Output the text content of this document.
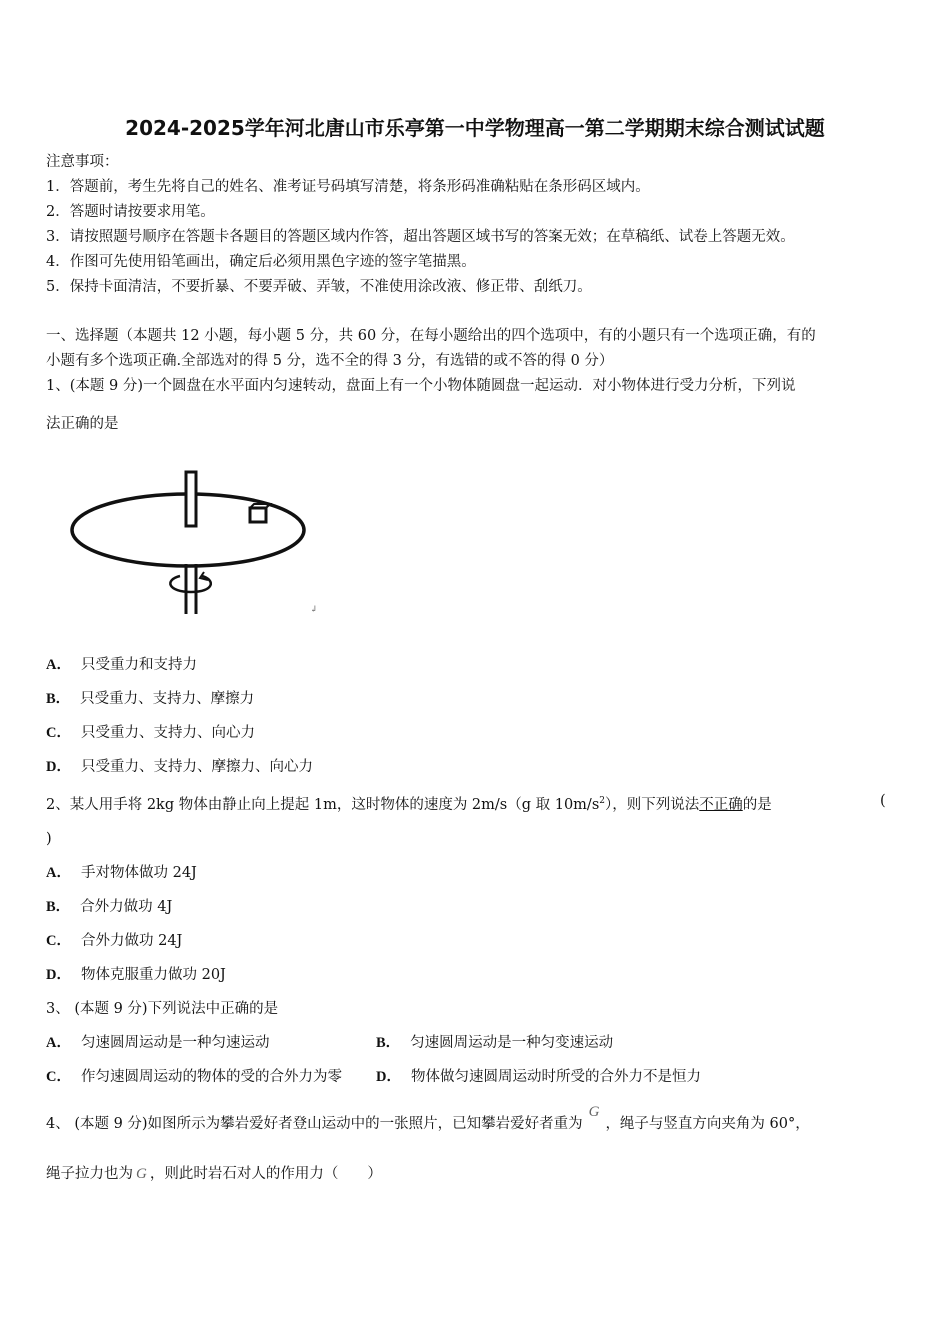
2024-2025学年河北唐山市乐亭第一中学物理高一第二学期期末综合测试试题
注意事项：
1．答题前，考生先将自己的姓名、准考证号码填写清楚，将条形码准确粘贴在条形码区域内。
2．答题时请按要求用笔。
3．请按照题号顺序在答题卡各题目的答题区域内作答，超出答题区域书写的答案无效；在草稿纸、试卷上答题无效。
4．作图可先使用铅笔画出，确定后必须用黑色字迹的签字笔描黑。
5．保持卡面清洁，不要折暴、不要弄破、弄皱，不准使用涂改液、修正带、刮纸刀。
一、选择题（本题共 12 小题，每小题 5 分，共 60 分，在每小题给出的四个选项中，有的小题只有一个选项正确，有的
小题有多个选项正确.全部选对的得 5 分，选不全的得 3 分，有选错的或不答的得 0 分）
1、(本题 9 分)一个圆盘在水平面内匀速转动，盘面上有一个小物体随圆盘一起运动．对小物体进行受力分析，下列说
法正确的是
↲
A． 只受重力和支持力
B． 只受重力、支持力、摩擦力
C． 只受重力、支持力、向心力
D． 只受重力、支持力、摩擦力、向心力
2、某人用手将 2kg 物体由静止向上提起 1m，这时物体的速度为 2m/s（g 取 $10m/s^2$），则下列说法不正确的是	(
)
A． 手对物体做功 24J
B． 合外力做功 4J
C． 合外力做功 24J
D． 物体克服重力做功 20J
3、 (本题 9 分)下列说法中正确的是
A． 匀速圆周运动是一种匀速运动	B． 匀速圆周运动是一种匀变速运动
C． 作匀速圆周运动的物体的受的合外力为零 D． 物体做匀速圆周运动时所受的合外力不是恒力
4、 (本题 9 分)如图所示为攀岩爱好者登山运动中的一张照片，已知攀岩爱好者重为G，绳子与竖直方向夹角为 60°，
绳子拉力也为 G ，则此时岩石对人的作用力（　　）
